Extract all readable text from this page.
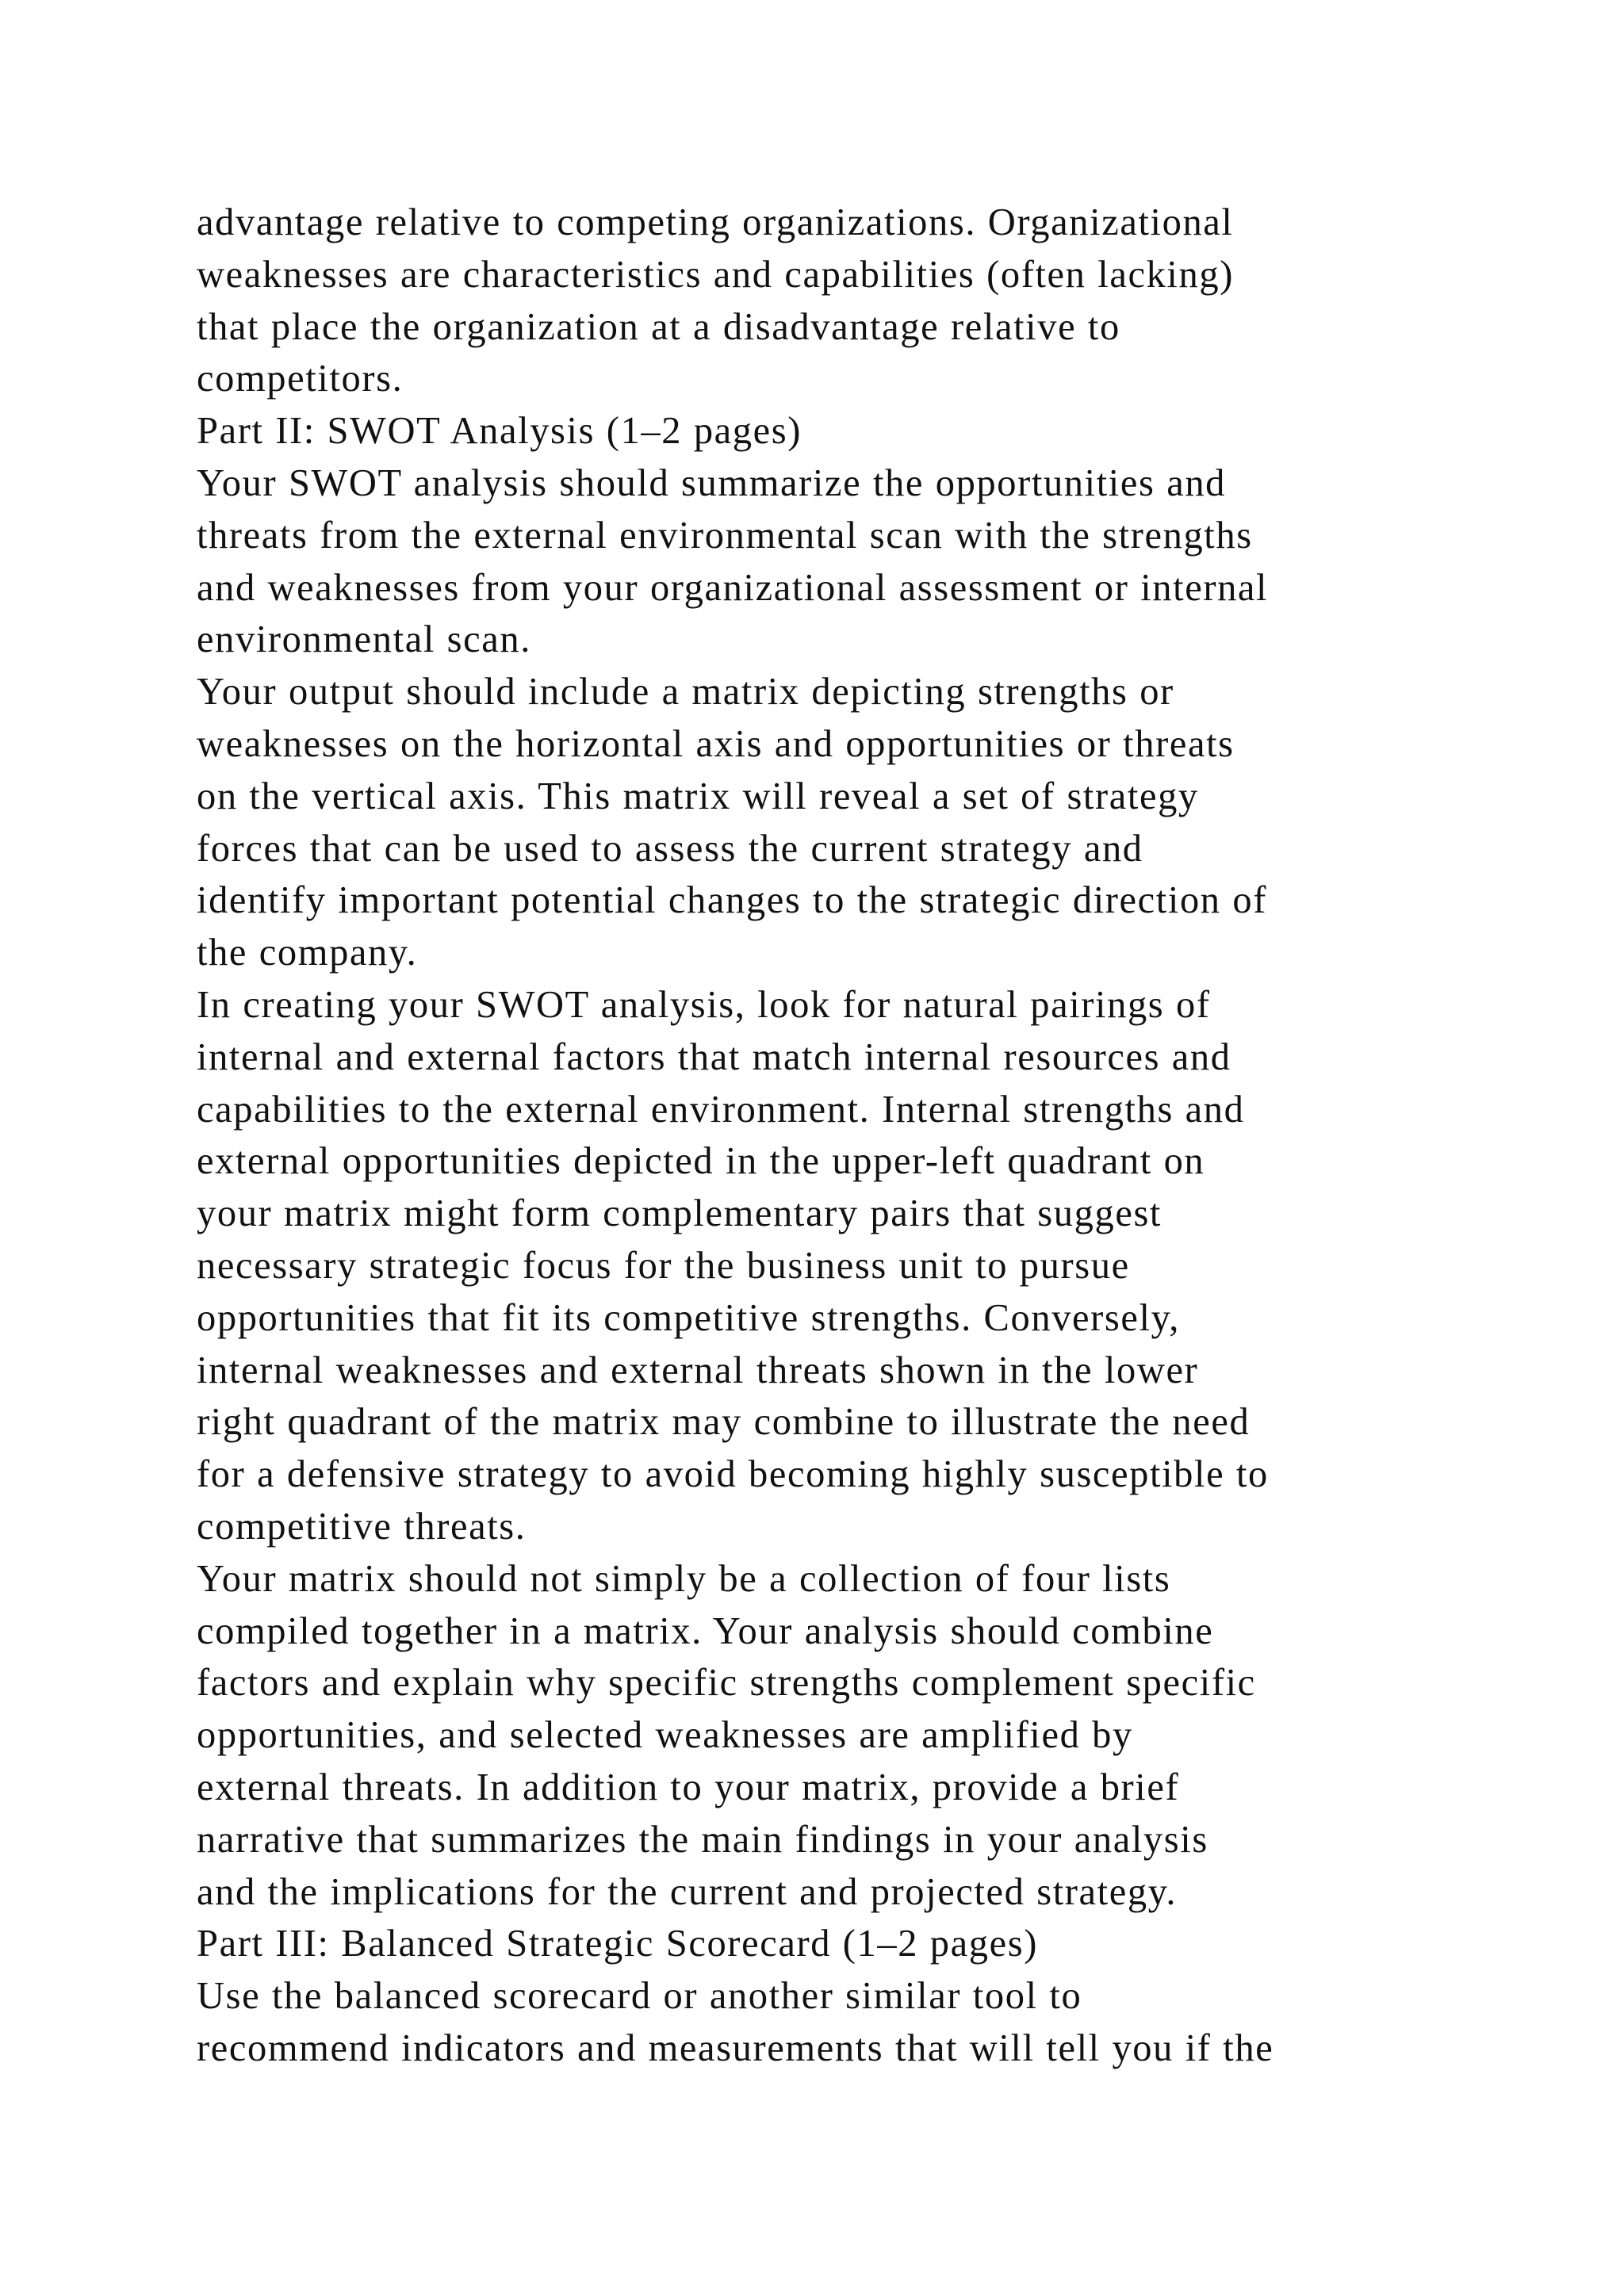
advantage relative to competing organizations. Organizational
weaknesses are characteristics and capabilities (often lacking)
that place the organization at a disadvantage relative to
competitors.
Part II: SWOT Analysis (1–2 pages)
Your SWOT analysis should summarize the opportunities and
threats from the external environmental scan with the strengths
and weaknesses from your organizational assessment or internal
environmental scan.
Your output should include a matrix depicting strengths or
weaknesses on the horizontal axis and opportunities or threats
on the vertical axis. This matrix will reveal a set of strategy
forces that can be used to assess the current strategy and
identify important potential changes to the strategic direction of
the company.
In creating your SWOT analysis, look for natural pairings of
internal and external factors that match internal resources and
capabilities to the external environment. Internal strengths and
external opportunities depicted in the upper-left quadrant on
your matrix might form complementary pairs that suggest
necessary strategic focus for the business unit to pursue
opportunities that fit its competitive strengths. Conversely,
internal weaknesses and external threats shown in the lower
right quadrant of the matrix may combine to illustrate the need
for a defensive strategy to avoid becoming highly susceptible to
competitive threats.
Your matrix should not simply be a collection of four lists
compiled together in a matrix. Your analysis should combine
factors and explain why specific strengths complement specific
opportunities, and selected weaknesses are amplified by
external threats. In addition to your matrix, provide a brief
narrative that summarizes the main findings in your analysis
and the implications for the current and projected strategy.
Part III: Balanced Strategic Scorecard (1–2 pages)
Use the balanced scorecard or another similar tool to
recommend indicators and measurements that will tell you if the
